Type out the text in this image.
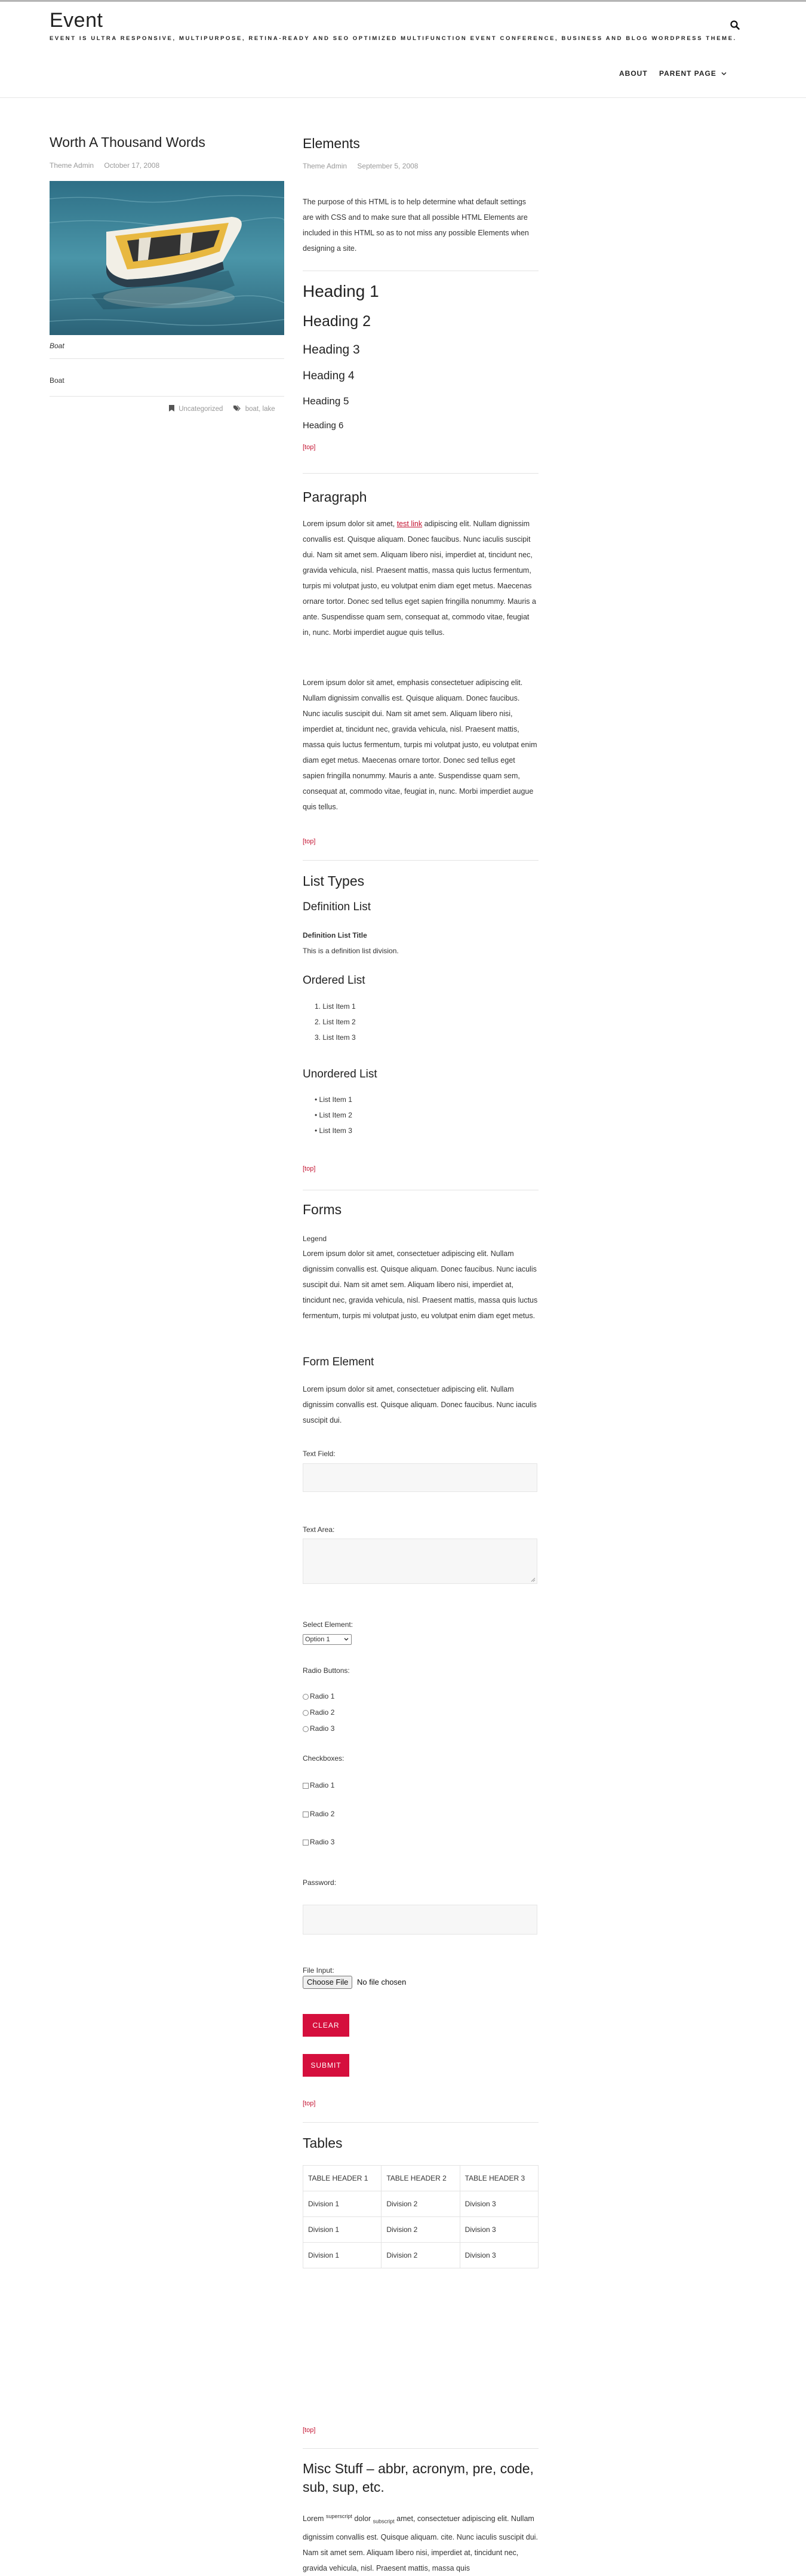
Event
EVENT IS ULTRA RESPONSIVE, MULTIPURPOSE, RETINA-READY AND SEO OPTIMIZED MULTIFUNCTION EVENT CONFERENCE, BUSINESS AND BLOG WORDPRESS THEME.
ABOUT PARENT PAGE
Worth A Thousand Words
Theme Admin October 17, 2008
Boat
Boat
Uncategorized	boat, lake
Elements
Theme Admin September 5, 2008

The purpose of this HTML is to help determine what default settings are with CSS and to make sure that all possible HTML Elements are included in this HTML so as to not miss any possible Elements when designing a site.

Heading 1
Heading 2
Heading 3
Heading 4
Heading 5
Heading 6
[top]
Paragraph

Lorem ipsum dolor sit amet, test link adipiscing elit. Nullam dignissim convallis est. Quisque aliquam. Donec faucibus. Nunc iaculis suscipit dui. Nam sit amet sem. Aliquam libero nisi, imperdiet at, tincidunt nec, gravida vehicula, nisl. Praesent mattis, massa quis luctus fermentum, turpis mi volutpat justo, eu volutpat enim diam eget metus. Maecenas ornare tortor. Donec sed tellus eget sapien fringilla nonummy. Mauris a ante. Suspendisse quam sem, consequat at, commodo vitae, feugiat in, nunc. Morbi imperdiet augue quis tellus.

Lorem ipsum dolor sit amet, emphasis consectetuer adipiscing elit. Nullam dignissim convallis est. Quisque aliquam. Donec faucibus. Nunc iaculis suscipit dui. Nam sit amet sem. Aliquam libero nisi, imperdiet at, tincidunt nec, gravida vehicula, nisl. Praesent mattis, massa quis luctus fermentum, turpis mi volutpat justo, eu volutpat enim diam eget metus. Maecenas ornare tortor. Donec sed tellus eget sapien fringilla nonummy. Mauris a ante. Suspendisse quam sem, consequat at, commodo vitae, feugiat in, nunc. Morbi imperdiet augue quis tellus.

[top]
List Types
Definition List
Definition List Title
This is a definition list division.
Ordered List
1. List Item 1
2. List Item 2
3. List Item 3
Unordered List
• List Item 1
• List Item 2
• List Item 3
[top]
Forms
Legend

Lorem ipsum dolor sit amet, consectetuer adipiscing elit. Nullam dignissim convallis est. Quisque aliquam. Donec faucibus. Nunc iaculis suscipit dui. Nam sit amet sem. Aliquam libero nisi, imperdiet at, tincidunt nec, gravida vehicula, nisl. Praesent mattis, massa quis luctus fermentum, turpis mi volutpat justo, eu volutpat enim diam eget metus.

Form Element

Lorem ipsum dolor sit amet, consectetuer adipiscing elit. Nullam dignissim convallis est. Quisque aliquam. Donec faucibus. Nunc iaculis suscipit dui.

Text Field:
Text Area:
Select Element:
Option 1
Radio Buttons:
Radio 1
Radio 2
Radio 3
Checkboxes:
Radio 1
Radio 2
Radio 3
Password:
File Input:
Choose File No file chosen
CLEAR
SUBMIT
[top]
Tables
TABLE HEADER 1	TABLE HEADER 2	TABLE HEADER 3
Division 1	Division 2	Division 3
Division 1	Division 2	Division 3
Division 1	Division 2	Division 3
[top]
Misc Stuff – abbr, acronym, pre, code, sub, sup, etc.

Lorem $^{superscript}$ dolor $_{subscript}$ amet, consectetuer adipiscing elit. Nullam dignissim convallis est. Quisque aliquam. cite. Nunc iaculis suscipit dui. Nam sit amet sem. Aliquam libero nisi, imperdiet at, tincidunt nec, gravida vehicula, nisl. Praesent mattis, massa quis
